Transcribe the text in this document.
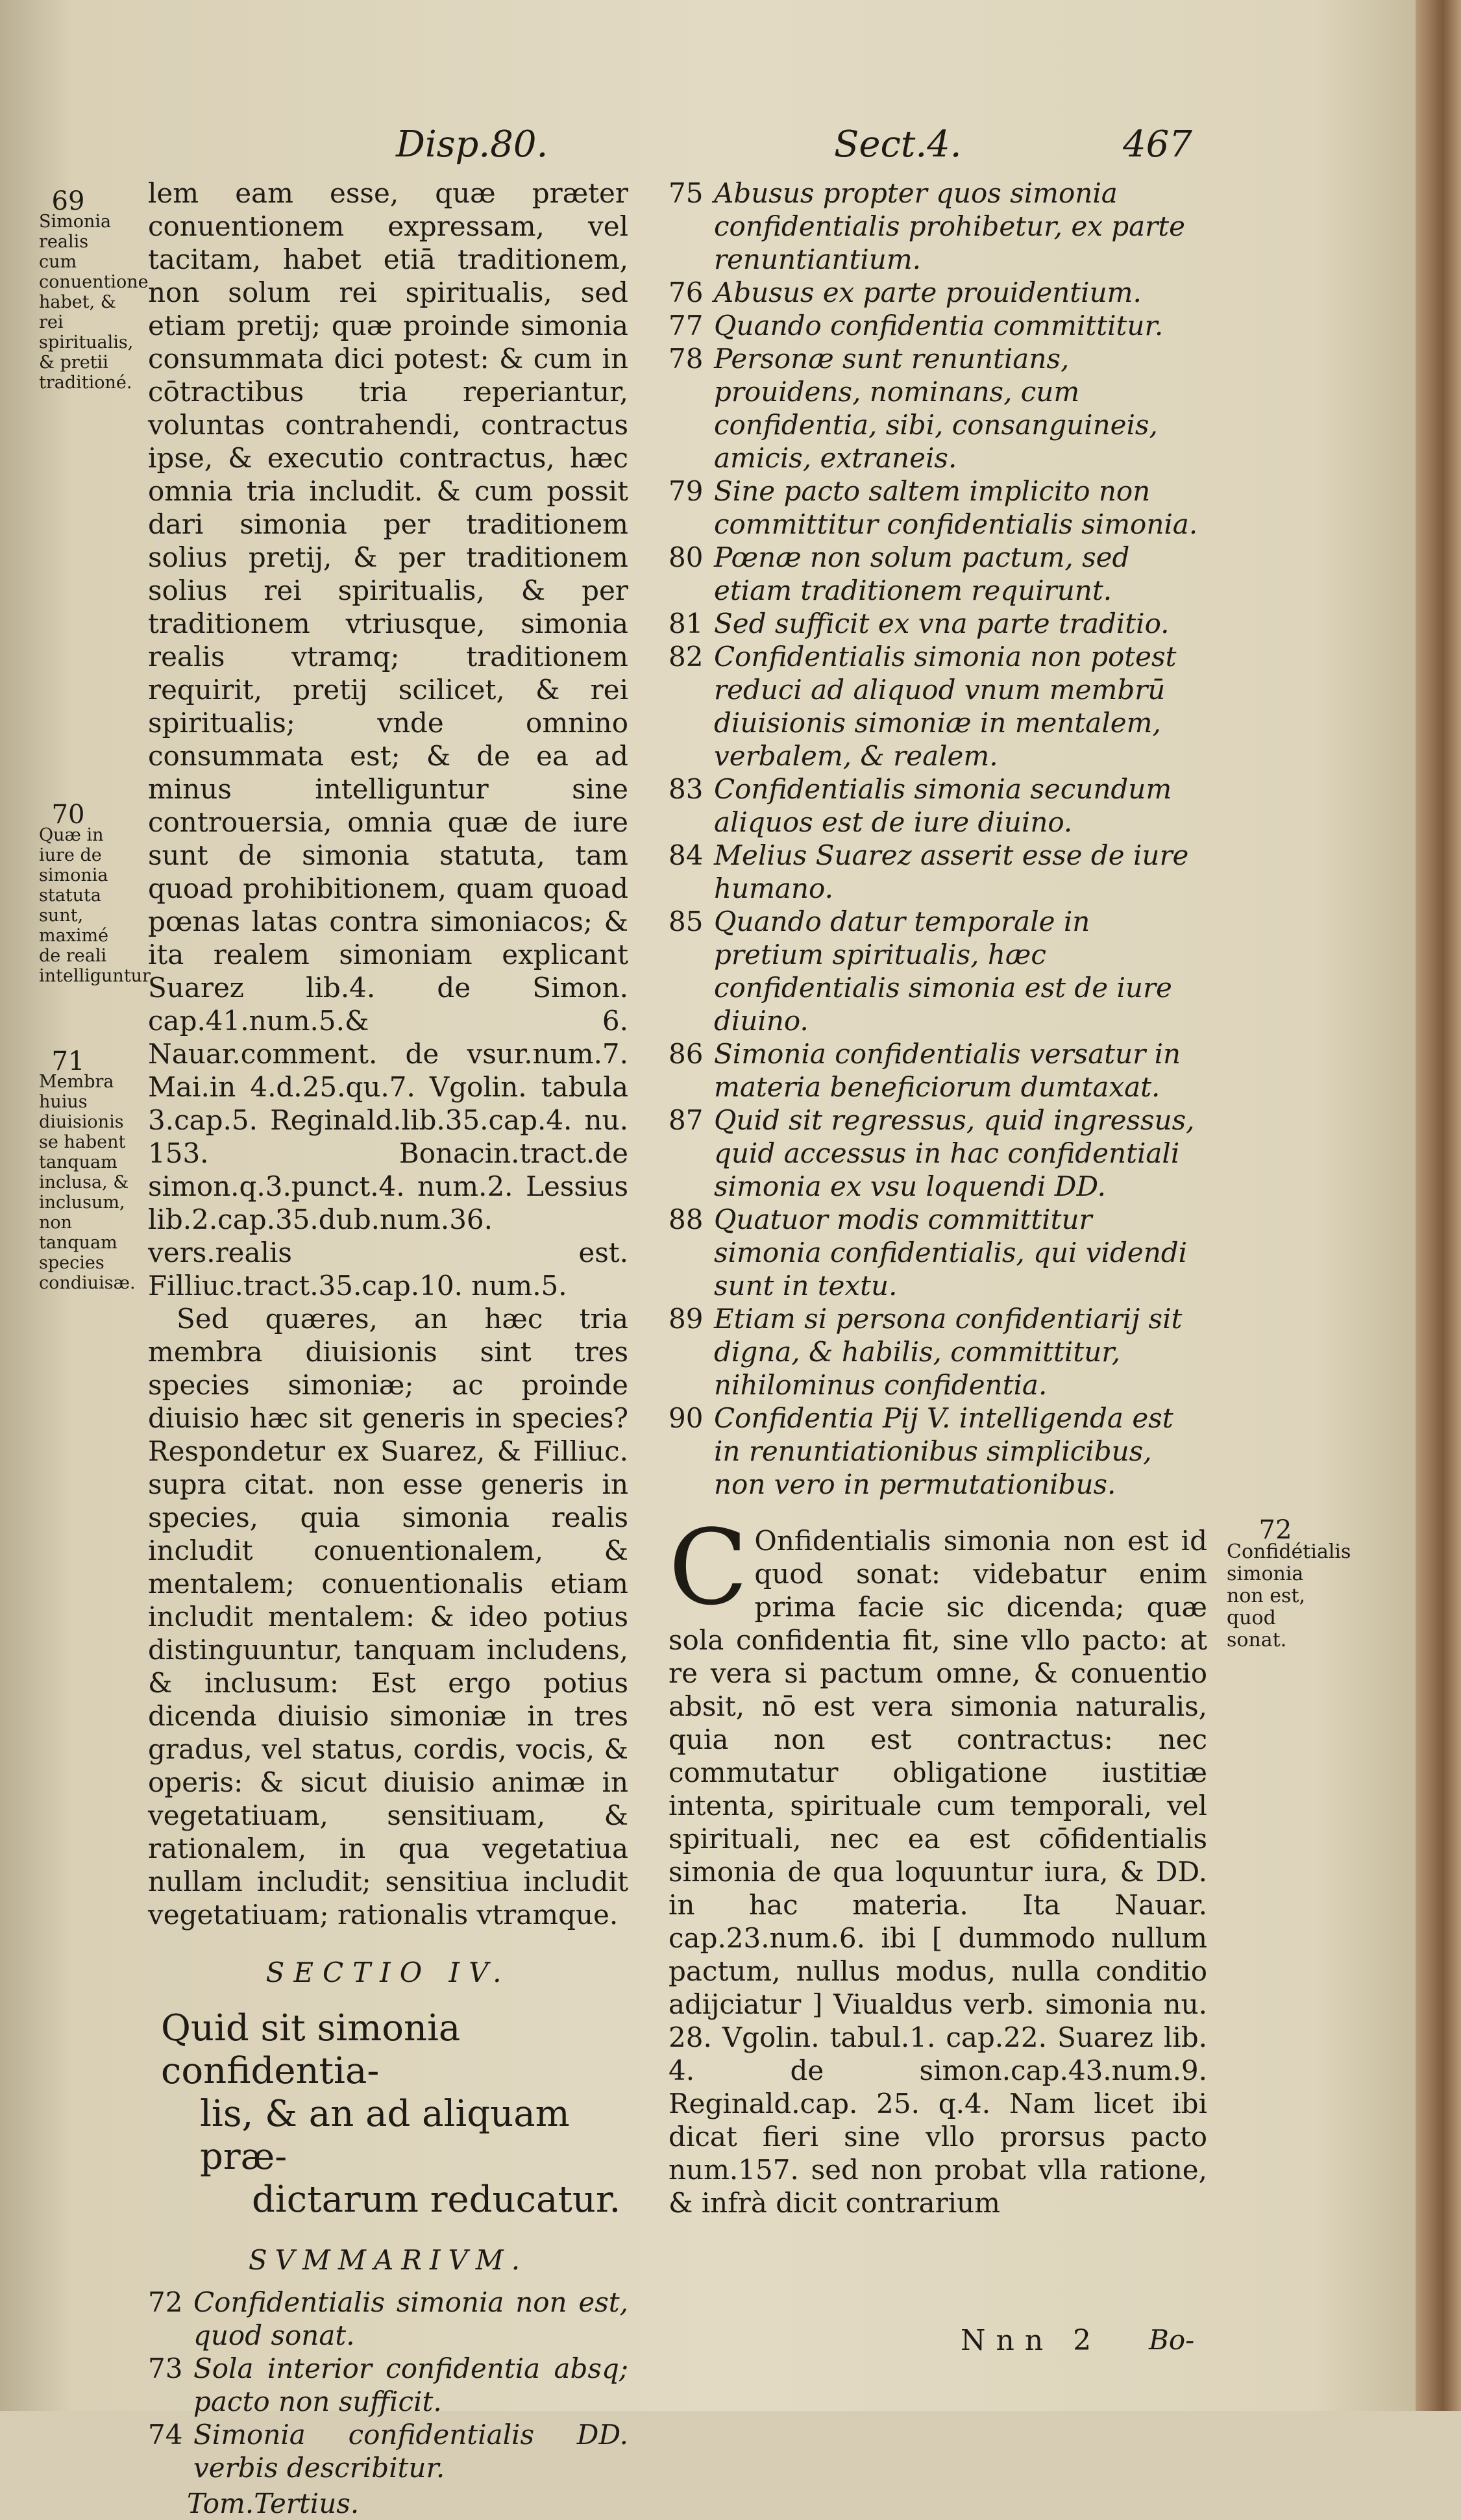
Disp.80.	Sect.4.	467
69
Simonia realis cum conuentione habet, & rei spiritualis, & pretii traditioné.
70
Quæ in iure de simonia statuta sunt, maximé de reali intelliguntur.
71
Membra huius diuisionis se habent tanquam inclusa, & inclusum, non tanquam species condiuisæ.

lem eam esse, quæ præter conuentionem expressam, vel tacitam, habet etiā traditionem, non solum rei spiritualis, sed etiam pretij; quæ proinde simonia consummata dici potest: & cum in cōtractibus tria reperiantur, voluntas contrahendi, contractus ipse, & executio contractus, hæc omnia tria includit. & cum possit dari simonia per traditionem solius pretij, & per traditionem solius rei spiritualis, & per traditionem vtriusque, simonia realis vtramq; traditionem requirit, pretij scilicet, & rei spiritualis; vnde omnino consummata est; & de ea ad minus intelliguntur sine controuersia, omnia quæ de iure sunt de simonia statuta, tam quoad prohibitionem, quam quoad pœnas latas contra simoniacos; & ita realem simoniam explicant Suarez lib.4. de Simon. cap.41.num.5.& 6. Nauar.comment. de vsur.num.7. Mai.in 4.d.25.qu.7. Vgolin. tabula 3.cap.5. Reginald.lib.35.cap.4. nu. 153. Bonacin.tract.de simon.q.3.punct.4. num.2. Lessius lib.2.cap.35.dub.num.36. vers.realis est. Filliuc.tract.35.cap.10. num.5.

Sed quæres, an hæc tria membra diuisionis sint tres species simoniæ; ac proinde diuisio hæc sit generis in species? Respondetur ex Suarez, & Filliuc. supra citat. non esse generis in species, quia simonia realis includit conuentionalem, & mentalem; conuentionalis etiam includit mentalem: & ideo potius distinguuntur, tanquam includens, & inclusum: Est ergo potius dicenda diuisio simoniæ in tres gradus, vel status, cordis, vocis, & operis: & sicut diuisio animæ in vegetatiuam, sensitiuam, & rationalem, in qua vegetatiua nullam includit; sensitiua includit vegetatiuam; rationalis vtramque.

SECTIO IV.

Quid sit simonia confidentia-

lis, & an ad aliquam præ-
dictarum reducatur.

SVMMARIVM.
72 Confidentialis simonia non est, quod sonat.
73 Sola interior confidentia absq; pacto non sufficit.
74 Simonia confidentialis DD. verbis describitur.
Tom.Tertius.
75 Abusus propter quos simonia confidentialis prohibetur, ex parte renuntiantium.
76 Abusus ex parte prouidentium.
77 Quando confidentia committitur.
78 Personæ sunt renuntians, prouidens, nominans, cum confidentia, sibi, consanguineis, amicis, extraneis.
79 Sine pacto saltem implicito non committitur confidentialis simonia.
80 Pœnæ non solum pactum, sed etiam traditionem requirunt.
81 Sed sufficit ex vna parte traditio.
82 Confidentialis simonia non potest reduci ad aliquod vnum membrū diuisionis simoniæ in mentalem, verbalem, & realem.
83 Confidentialis simonia secundum aliquos est de iure diuino.
84 Melius Suarez asserit esse de iure humano.
85 Quando datur temporale in pretium spiritualis, hæc confidentialis simonia est de iure diuino.
86 Simonia confidentialis versatur in materia beneficiorum dumtaxat.
87 Quid sit regressus, quid ingressus, quid accessus in hac confidentiali simonia ex vsu loquendi DD.
88 Quatuor modis committitur simonia confidentialis, qui videndi sunt in textu.
89 Etiam si persona confidentiarij sit digna, & habilis, committitur, nihilominus confidentia.
90 Confidentia Pij V. intelligenda est in renuntiationibus simplicibus, non vero in permutationibus.
C Onfidentialis simonia non est id quod sonat: videbatur enim prima facie sic dicenda; quæ sola confidentia fit, sine vllo pacto: at re vera si pactum omne, & conuentio absit, nō est vera simonia naturalis, quia non est contractus: nec commutatur obligatione iustitiæ intenta, spirituale cum temporali, vel spirituali, nec ea est cōfidentialis simonia de qua loquuntur iura, & DD. in hac materia. Ita Nauar. cap.23.num.6. ibi [ dummodo nullum pactum, nullus modus, nulla conditio adijciatur ] Viualdus verb. simonia nu. 28. Vgolin. tabul.1. cap.22. Suarez lib. 4. de simon.cap.43.num.9. Reginald.cap. 25. q.4. Nam licet ibi dicat fieri sine vllo prorsus pacto num.157. sed non probat vlla ratione, & infrà dicit contrarium

72
Confidétialis simonia non est, quod sonat.
Nnn 2 Bo-
